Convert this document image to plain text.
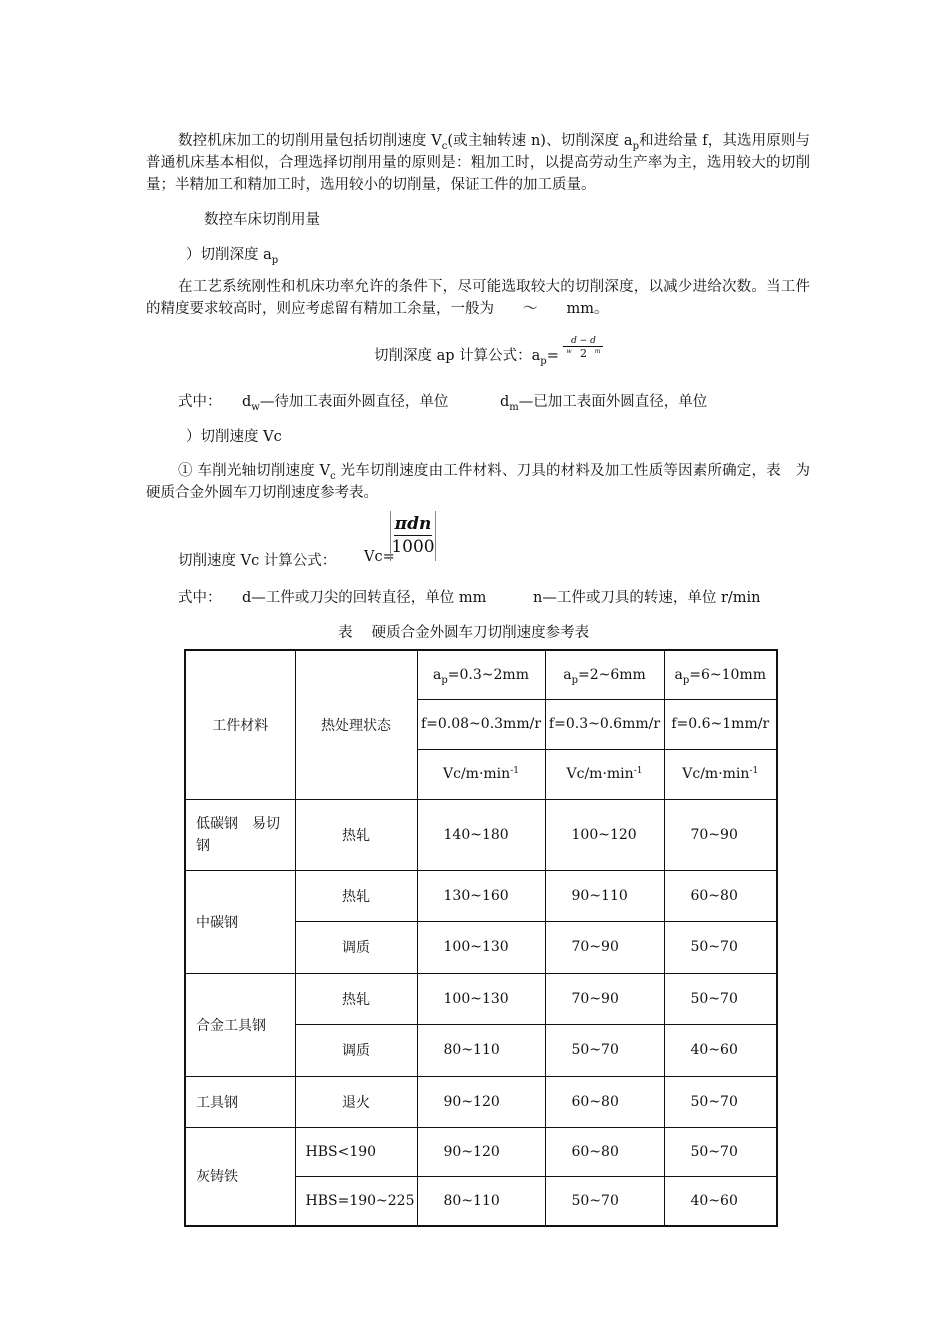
数控机床加工的切削用量包括切削速度 $V_c$(或主轴转速 n)、切削深度 $a_p$和进给量 f，其选用原则与普通机床基本相似，合理选择切削用量的原则是：粗加工时，以提高劳动生产率为主，选用较大的切削量；半精加工和精加工时，选用较小的切削量，保证工件的加工质量。
数控车床切削用量
）切削深度 $a_p$
在工艺系统刚性和机床功率允许的条件下，尽可能选取较大的切削深度，以减少进给次数。当工件的精度要求较高时，则应考虑留有精加工余量，一般为　　～　　mm。
切削深度 ap 计算公式：$a_p=$
d − d
w	m
2
式中： $d_w—$待加工表面外圆直径，单位	$d_m—$已加工表面外圆直径，单位
）切削速度 Vc
① 车削光轴切削速度 $V_c$ 光车切削速度由工件材料、刀具的材料及加工性质等因素所确定，表　为硬质合金外圆车刀切削速度参考表。
切削速度 Vc 计算公式： Vc=
πdn
1000
式中： d—工件或刀尖的回转直径，单位 mm	n—工件或刀具的转速，单位 r/min
表　 硬质合金外圆车刀切削速度参考表
工件材料	热处理状态	$a_p=0.3\sim 2mm$	$a_p=2\sim 6mm$	$a_p=6\sim 10mm$
		f=0.08~0.3mm/r	f=0.3~0.6mm/r	f=0.6~1mm/r
		$Vc/m\cdot\min^{-1}$	$Vc/m\cdot\min^{-1}$	$Vc/m\cdot\min^{-1}$
低碳钢　易切钢	热轧	140~180	100~120	70~90
中碳钢	热轧	130~160	90~110	60~80
	调质	100~130	70~90	50~70
合金工具钢	热轧	100~130	70~90	50~70
	调质	80~110	50~70	40~60
工具钢	退火	90~120	60~80	50~70
灰铸铁	HBS<190	90~120	60~80	50~70
	HBS=190~225	80~110	50~70	40~60
